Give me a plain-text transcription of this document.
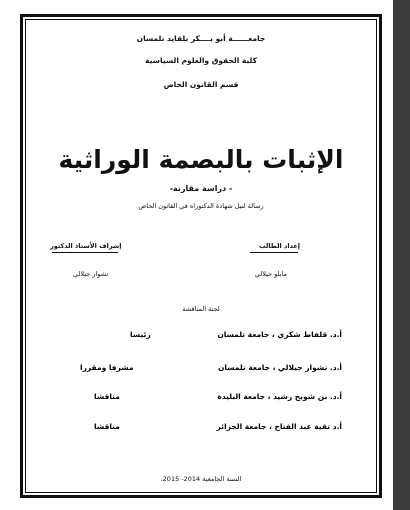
جامعــــــة أبو بــــكر بلقايد تلمسان
كلية الحقوق والعلوم السياسية
قسم القانون الخاص
الإثبات بالبصمة الوراثية
- دراسة مقارنة-
رسالة لنيل شهادة الدكتوراه في القانون الخاص
إعداد الطالب
إشراف الأستاذ الدكتور
مابلو جيلالي
تشوار جيلالي
لجنة المناقشة
أ.د. قلفاط شكري ، جامعة تلمسان
رئيسا
أ.د. تشوار جيلالي ، جامعة تلمسان
مشرفا ومقررا
أ.د. بن شويخ رشيد ، جامعة البليدة
مناقشا
أ.د تقية عبد الفتاح ، جامعة الجزائر
مناقشا
السنة الجامعية 2014- 2015.
